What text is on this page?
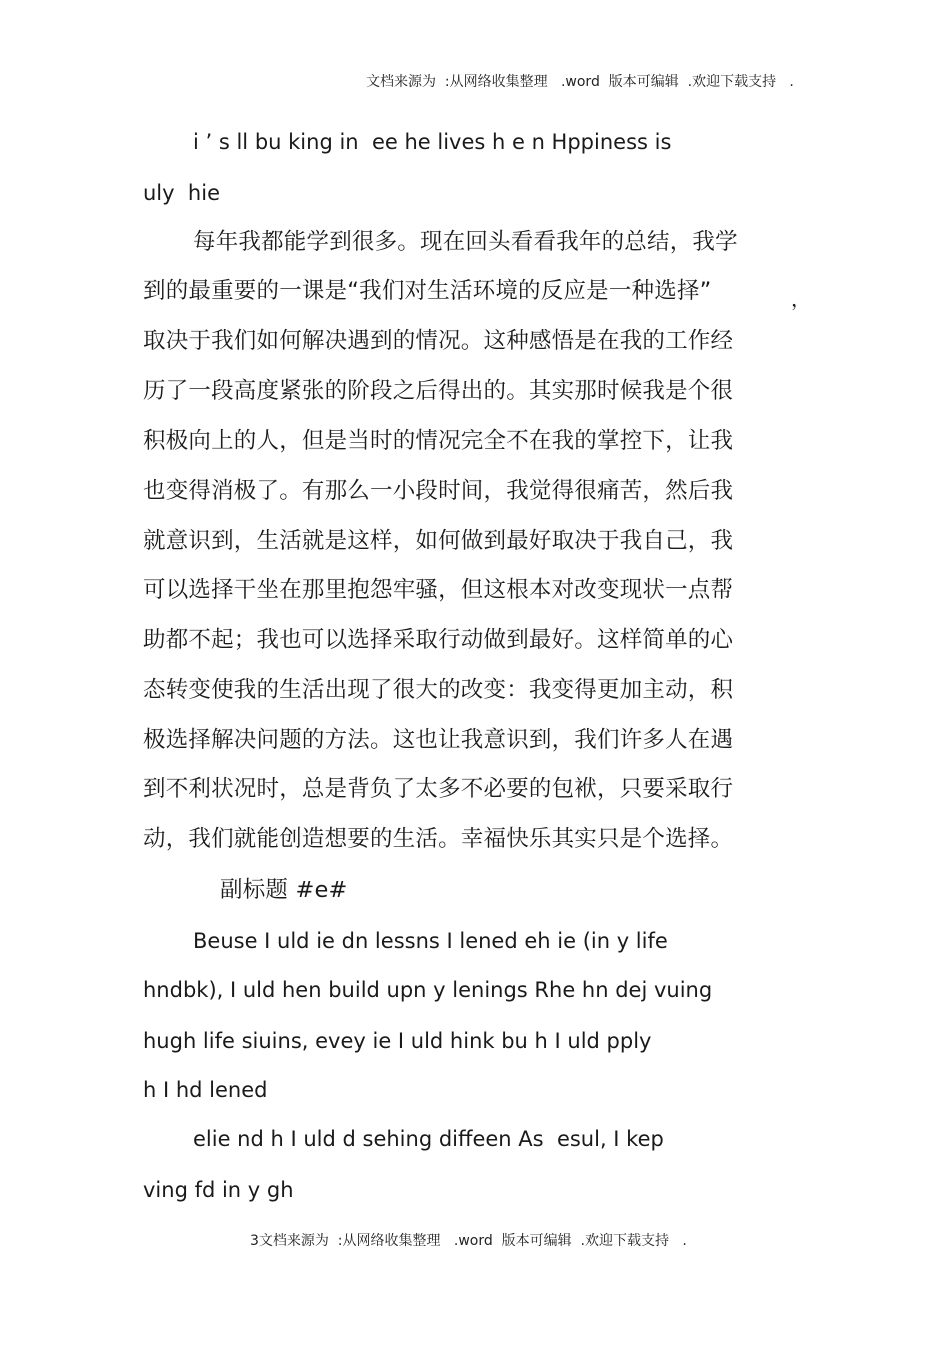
文档来源为  :从网络收集整理   .word  版本可编辑  .欢迎下载支持   .
i ’ s ll bu king in  ee he lives h e n Hppiness is
uly  hie
每年我都能学到很多。现在回头看看我年的总结，我学
到的最重要的一课是“我们对生活环境的反应是一种选择”	，
取决于我们如何解决遇到的情况。这种感悟是在我的工作经
历了一段高度紧张的阶段之后得出的。其实那时候我是个很
积极向上的人，但是当时的情况完全不在我的掌控下，让我
也变得消极了。有那么一小段时间，我觉得很痛苦，然后我
就意识到，生活就是这样，如何做到最好取决于我自己，我
可以选择干坐在那里抱怨牢骚，但这根本对改变现状一点帮
助都不起；我也可以选择采取行动做到最好。这样简单的心
态转变使我的生活出现了很大的改变：我变得更加主动，积
极选择解决问题的方法。这也让我意识到，我们许多人在遇
到不利状况时，总是背负了太多不必要的包袱，只要采取行
动，我们就能创造想要的生活。幸福快乐其实只是个选择。
副标题 #e#
Beuse I uld ie dn lessns I lened eh ie (in y life
hndbk), I uld hen build upn y lenings Rhe hn dej vuing
hugh life siuins, evey ie I uld hink bu h I uld pply
h I hd lened
elie nd h I uld d sehing diffeen As  esul, I kep
ving fd in y gh
3文档来源为  :从网络收集整理   .word  版本可编辑  .欢迎下载支持   .
